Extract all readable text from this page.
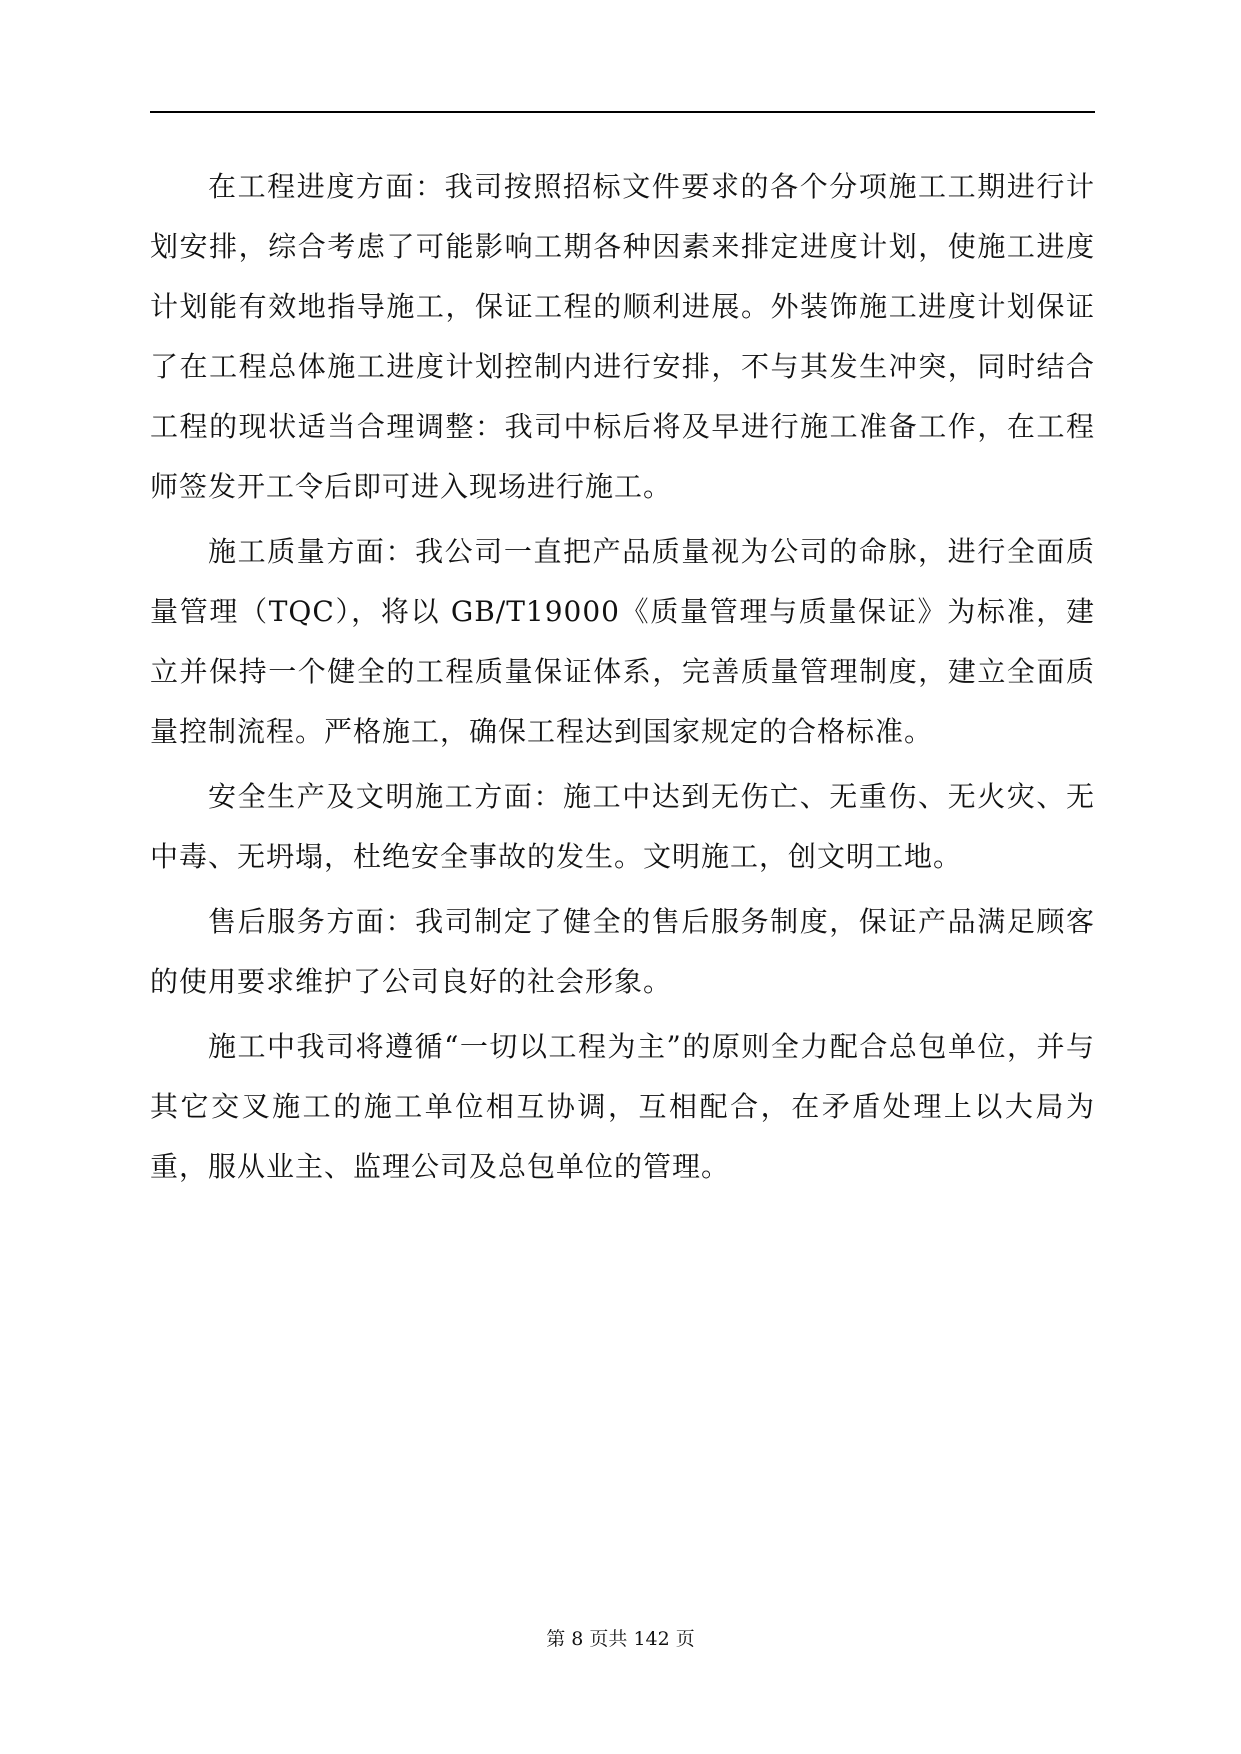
在工程进度方面：我司按照招标文件要求的各个分项施工工期进行计划安排，综合考虑了可能影响工期各种因素来排定进度计划，使施工进度计划能有效地指导施工，保证工程的顺利进展。外装饰施工进度计划保证了在工程总体施工进度计划控制内进行安排，不与其发生冲突，同时结合工程的现状适当合理调整：我司中标后将及早进行施工准备工作，在工程师签发开工令后即可进入现场进行施工。

施工质量方面：我公司一直把产品质量视为公司的命脉，进行全面质量管理（TQC），将以 GB/T19000《质量管理与质量保证》为标准，建立并保持一个健全的工程质量保证体系，完善质量管理制度，建立全面质量控制流程。严格施工，确保工程达到国家规定的合格标准。

安全生产及文明施工方面：施工中达到无伤亡、无重伤、无火灾、无中毒、无坍塌，杜绝安全事故的发生。文明施工，创文明工地。

售后服务方面：我司制定了健全的售后服务制度，保证产品满足顾客的使用要求维护了公司良好的社会形象。

施工中我司将遵循“一切以工程为主”的原则全力配合总包单位，并与其它交叉施工的施工单位相互协调，互相配合，在矛盾处理上以大局为重，服从业主、监理公司及总包单位的管理。

第 8 页共 142 页
